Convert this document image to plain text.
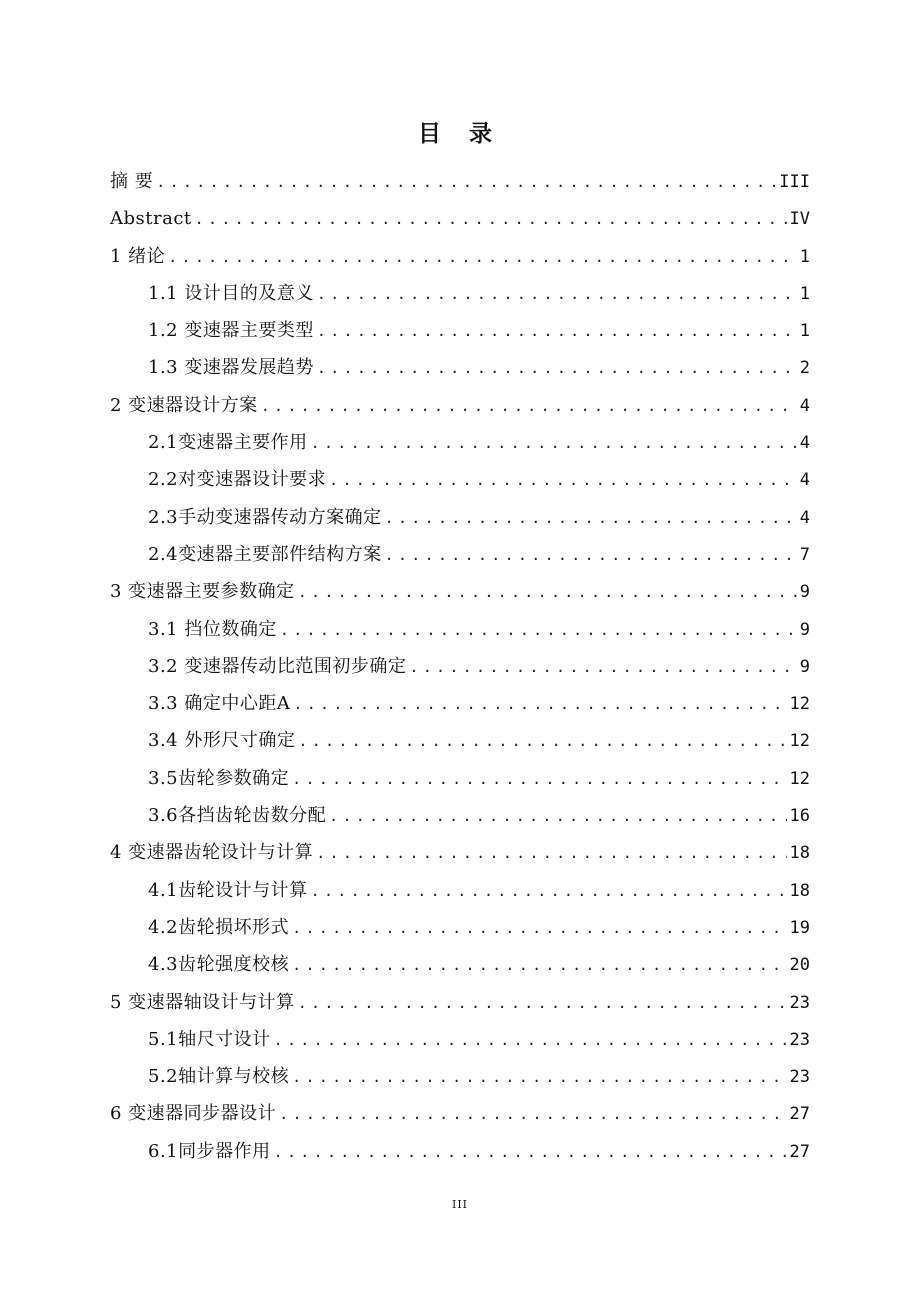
目 录
摘 要 .....	III
Abstract .....	IV
1 绪论 .....	1
1.1 设计目的及意义 .....	1
1.2 变速器主要类型 .....	1
1.3 变速器发展趋势 .....	2
2 变速器设计方案 .....	4
2.1变速器主要作用 .....	4
2.2对变速器设计要求 .....	4
2.3手动变速器传动方案确定 .....	4
2.4变速器主要部件结构方案 .....	7
3 变速器主要参数确定 .....	9
3.1 挡位数确定 .....	9
3.2 变速器传动比范围初步确定 .....	9
3.3 确定中心距A .....	12
3.4 外形尺寸确定 .....	12
3.5齿轮参数确定 .....	12
3.6各挡齿轮齿数分配 .....	16
4 变速器齿轮设计与计算 .....	18
4.1齿轮设计与计算 .....	18
4.2齿轮损坏形式 .....	19
4.3齿轮强度校核 .....	20
5 变速器轴设计与计算 .....	23
5.1轴尺寸设计 .....	23
5.2轴计算与校核 .....	23
6 变速器同步器设计 .....	27
6.1同步器作用 .....	27
III
